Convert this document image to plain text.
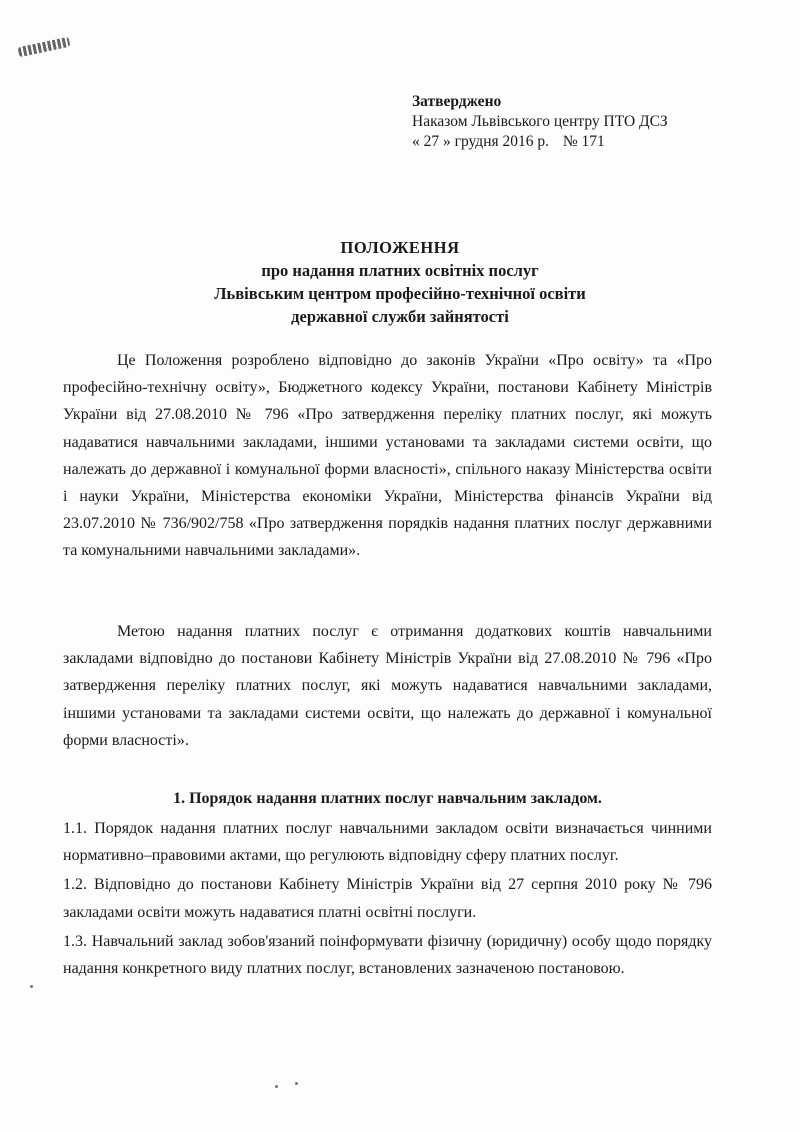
Затверджено
Наказом Львівського центру ПТО ДСЗ
« 27 » грудня 2016 р. № 171
ПОЛОЖЕННЯ
про надання платних освітніх послуг
Львівським центром професійно-технічної освіти
державної служби зайнятості

Це Положення розроблено відповідно до законів України «Про освіту» та «Про професійно-технічну освіту», Бюджетного кодексу України, постанови Кабінету Міністрів України від 27.08.2010 № 796 «Про затвердження переліку платних послуг, які можуть надаватися навчальними закладами, іншими установами та закладами системи освіти, що належать до державної і комунальної форми власності», спільного наказу Міністерства освіти і науки України, Міністерства економіки України, Міністерства фінансів України від 23.07.2010 № 736/902/758 «Про затвердження порядків надання платних послуг державними та комунальними навчальними закладами».

Метою надання платних послуг є отримання додаткових коштів навчальними закладами відповідно до постанови Кабінету Міністрів України від 27.08.2010 № 796 «Про затвердження переліку платних послуг, які можуть надаватися навчальними закладами, іншими установами та закладами системи освіти, що належать до державної і комунальної форми власності».

1. Порядок надання платних послуг навчальним закладом.

1.1. Порядок надання платних послуг навчальними закладом освіти визначається чинними нормативно–правовими актами, що регулюють відповідну сферу платних послуг.

1.2. Відповідно до постанови Кабінету Міністрів України від 27 серпня 2010 року № 796 закладами освіти можуть надаватися платні освітні послуги.

1.3. Навчальний заклад зобов'язаний поінформувати фізичну (юридичну) особу щодо порядку надання конкретного виду платних послуг, встановлених зазначеною постановою.
